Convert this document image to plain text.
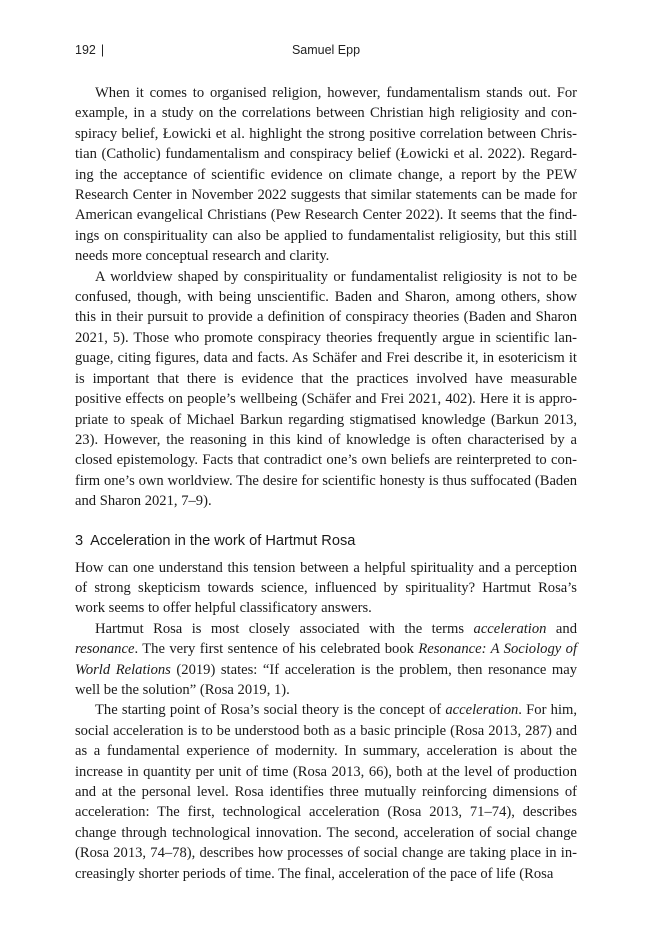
192 |	Samuel Epp

When it comes to organised religion, however, fundamentalism stands out. For example, in a study on the correlations between Christian high religiosity and conspiracy belief, Łowicki et al. highlight the strong positive correlation between Christian (Catholic) fundamentalism and conspiracy belief (Łowicki et al. 2022). Regarding the acceptance of scientific evidence on climate change, a report by the PEW Research Center in November 2022 suggests that similar statements can be made for American evangelical Christians (Pew Research Center 2022). It seems that the findings on conspirituality can also be applied to fundamentalist religiosity, but this still needs more conceptual research and clarity.

A worldview shaped by conspirituality or fundamentalist religiosity is not to be confused, though, with being unscientific. Baden and Sharon, among others, show this in their pursuit to provide a definition of conspiracy theories (Baden and Sharon 2021, 5). Those who promote conspiracy theories frequently argue in scientific language, citing figures, data and facts. As Schäfer and Frei describe it, in esotericism it is important that there is evidence that the practices involved have measurable positive effects on people’s wellbeing (Schäfer and Frei 2021, 402). Here it is appropriate to speak of Michael Barkun regarding stigmatised knowledge (Barkun 2013, 23). However, the reasoning in this kind of knowledge is often characterised by a closed epistemology. Facts that contradict one’s own beliefs are reinterpreted to confirm one’s own worldview. The desire for scientific honesty is thus suffocated (Baden and Sharon 2021, 7–9).

3 Acceleration in the work of Hartmut Rosa

How can one understand this tension between a helpful spirituality and a perception of strong skepticism towards science, influenced by spirituality? Hartmut Rosa’s work seems to offer helpful classificatory answers.

Hartmut Rosa is most closely associated with the terms acceleration and resonance. The very first sentence of his celebrated book Resonance: A Sociology of World Relations (2019) states: “If acceleration is the problem, then resonance may well be the solution” (Rosa 2019, 1).

The starting point of Rosa’s social theory is the concept of acceleration. For him, social acceleration is to be understood both as a basic principle (Rosa 2013, 287) and as a fundamental experience of modernity. In summary, acceleration is about the increase in quantity per unit of time (Rosa 2013, 66), both at the level of production and at the personal level. Rosa identifies three mutually reinforcing dimensions of acceleration: The first, technological acceleration (Rosa 2013, 71–74), describes change through technological innovation. The second, acceleration of social change (Rosa 2013, 74–78), describes how processes of social change are taking place in increasingly shorter periods of time. The final, acceleration of the pace of life (Rosa
